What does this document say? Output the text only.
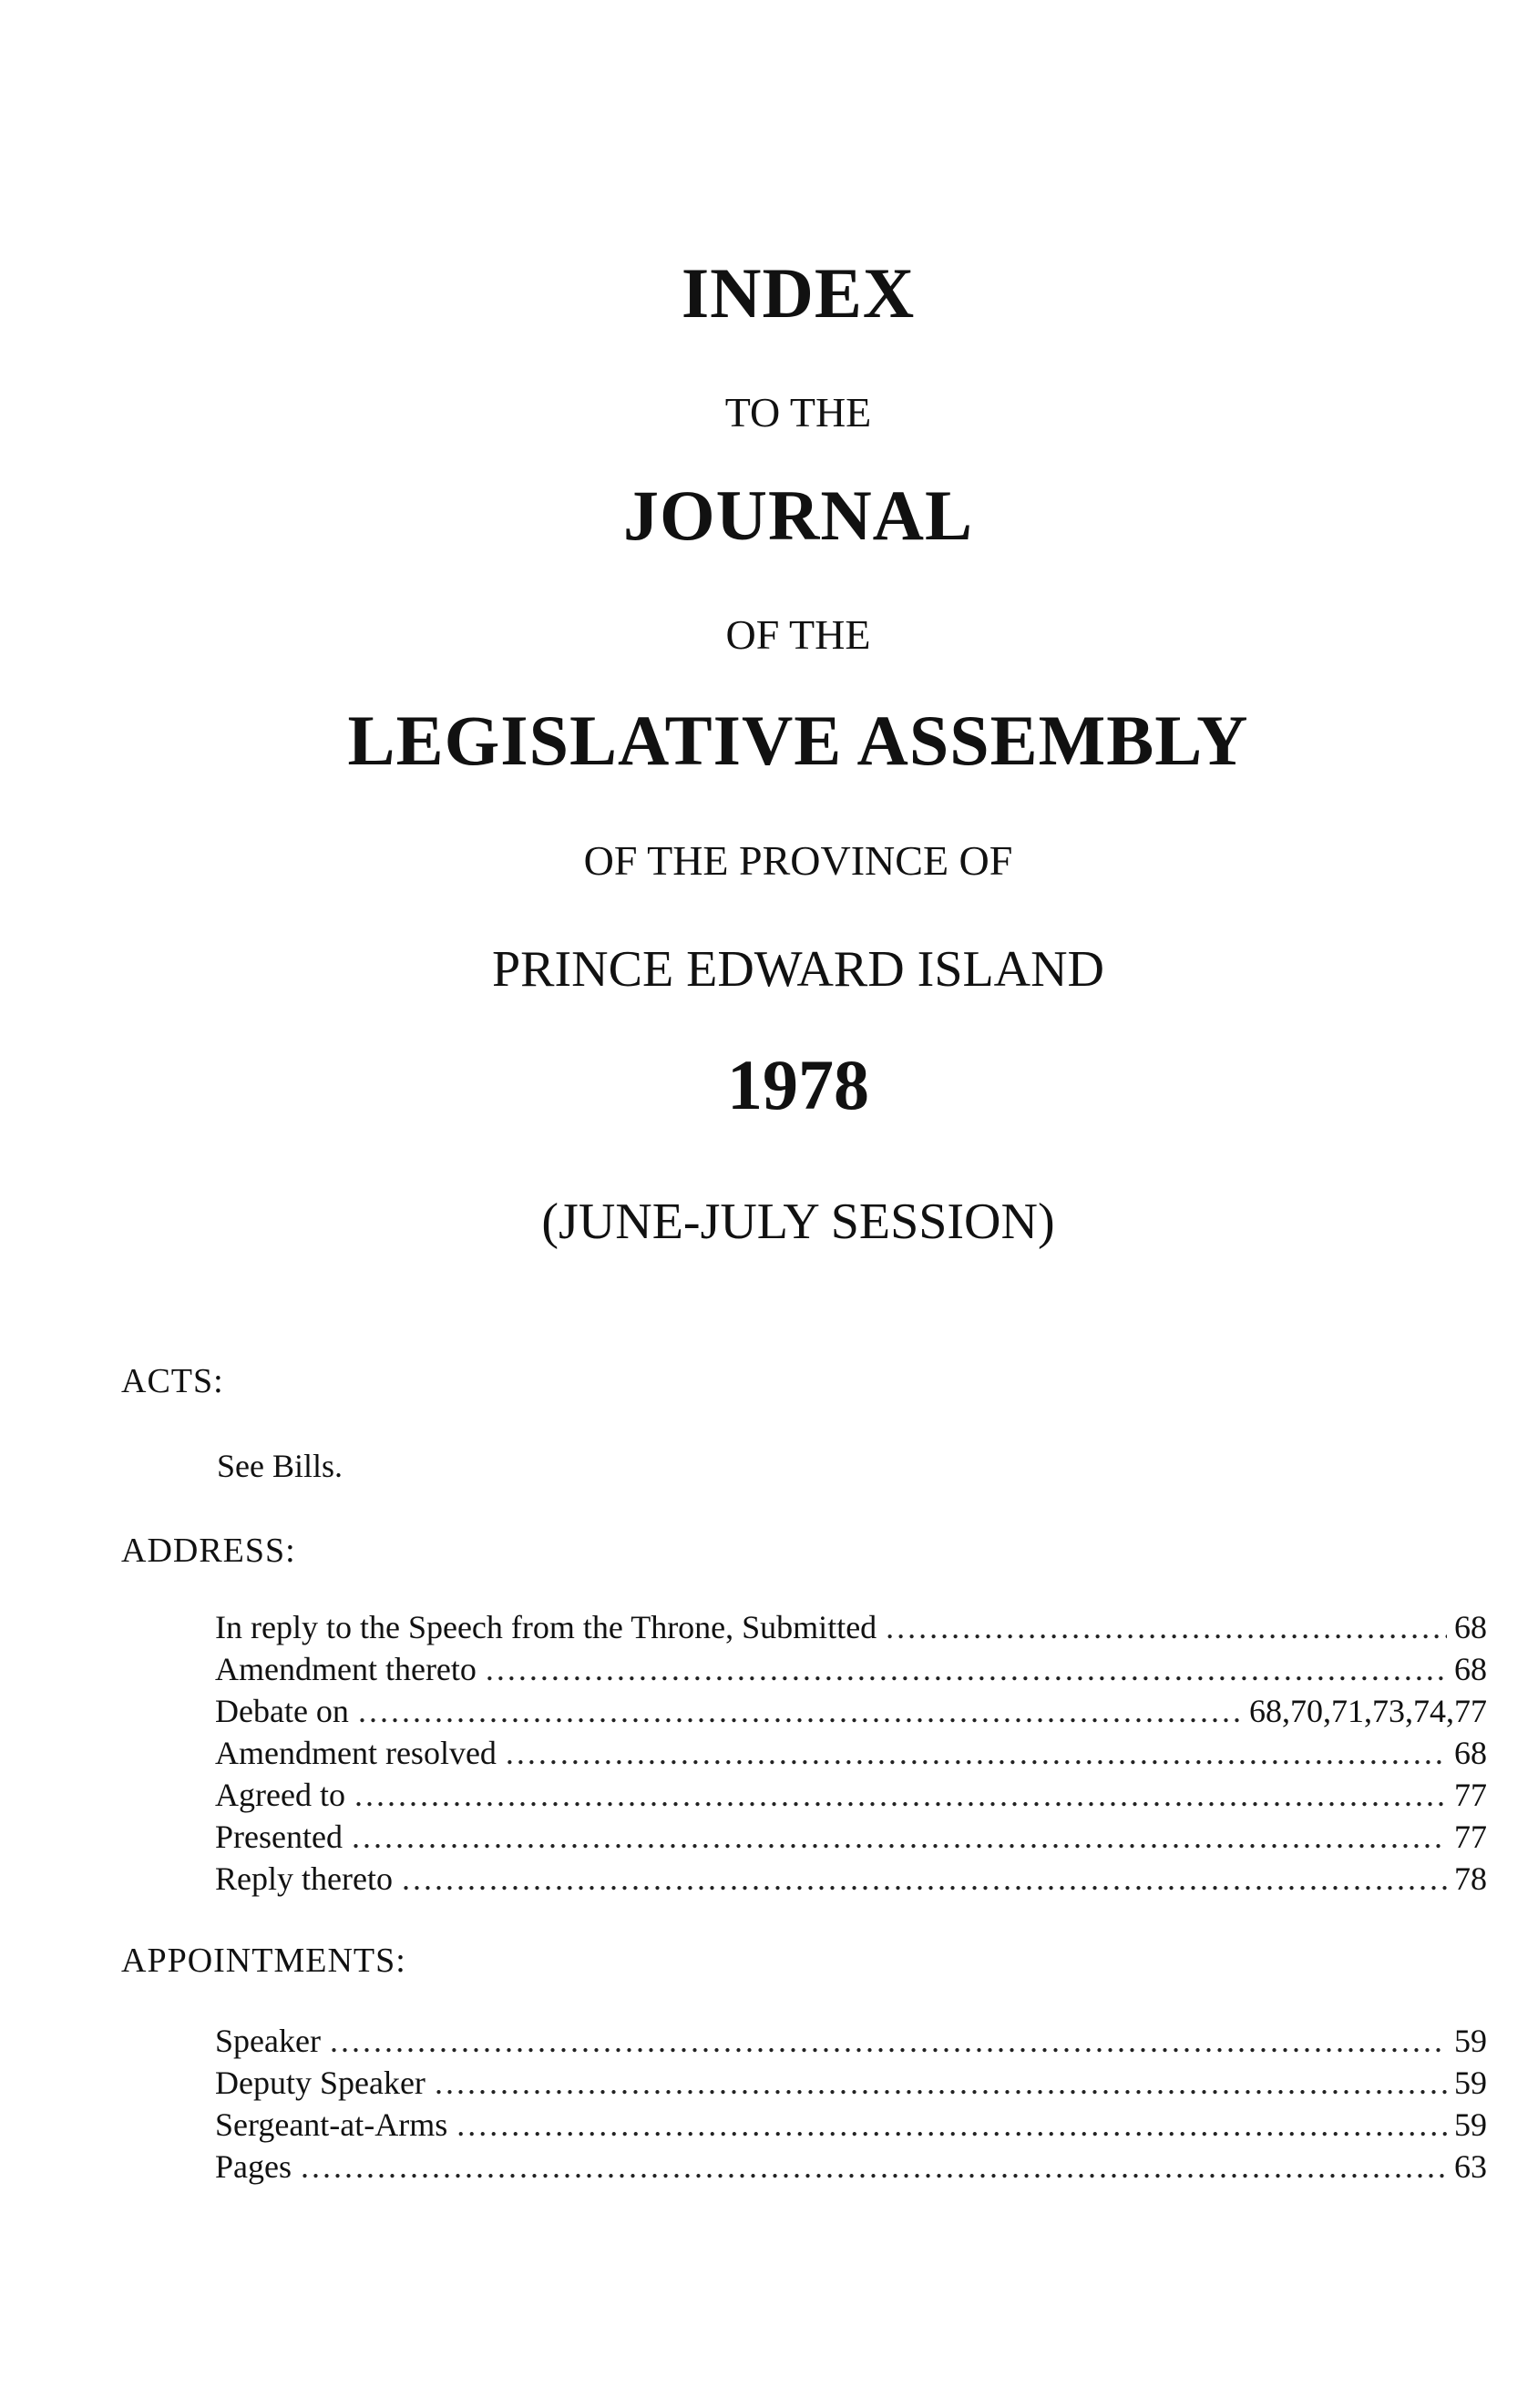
INDEX
TO THE
JOURNAL
OF THE
LEGISLATIVE ASSEMBLY
OF THE PROVINCE OF
PRINCE EDWARD ISLAND
1978
(JUNE-JULY SESSION)
ACTS:
See Bills.
ADDRESS:
In reply to the Speech from the Throne, Submitted .....	68
Amendment thereto .....	68
Debate on .....	68,70,71,73,74,77
Amendment resolved .....	68
Agreed to .....	77
Presented .....	77
Reply thereto .....	78
APPOINTMENTS:
Speaker .....	59
Deputy Speaker .....	59
Sergeant-at-Arms .....	59
Pages .....	63
